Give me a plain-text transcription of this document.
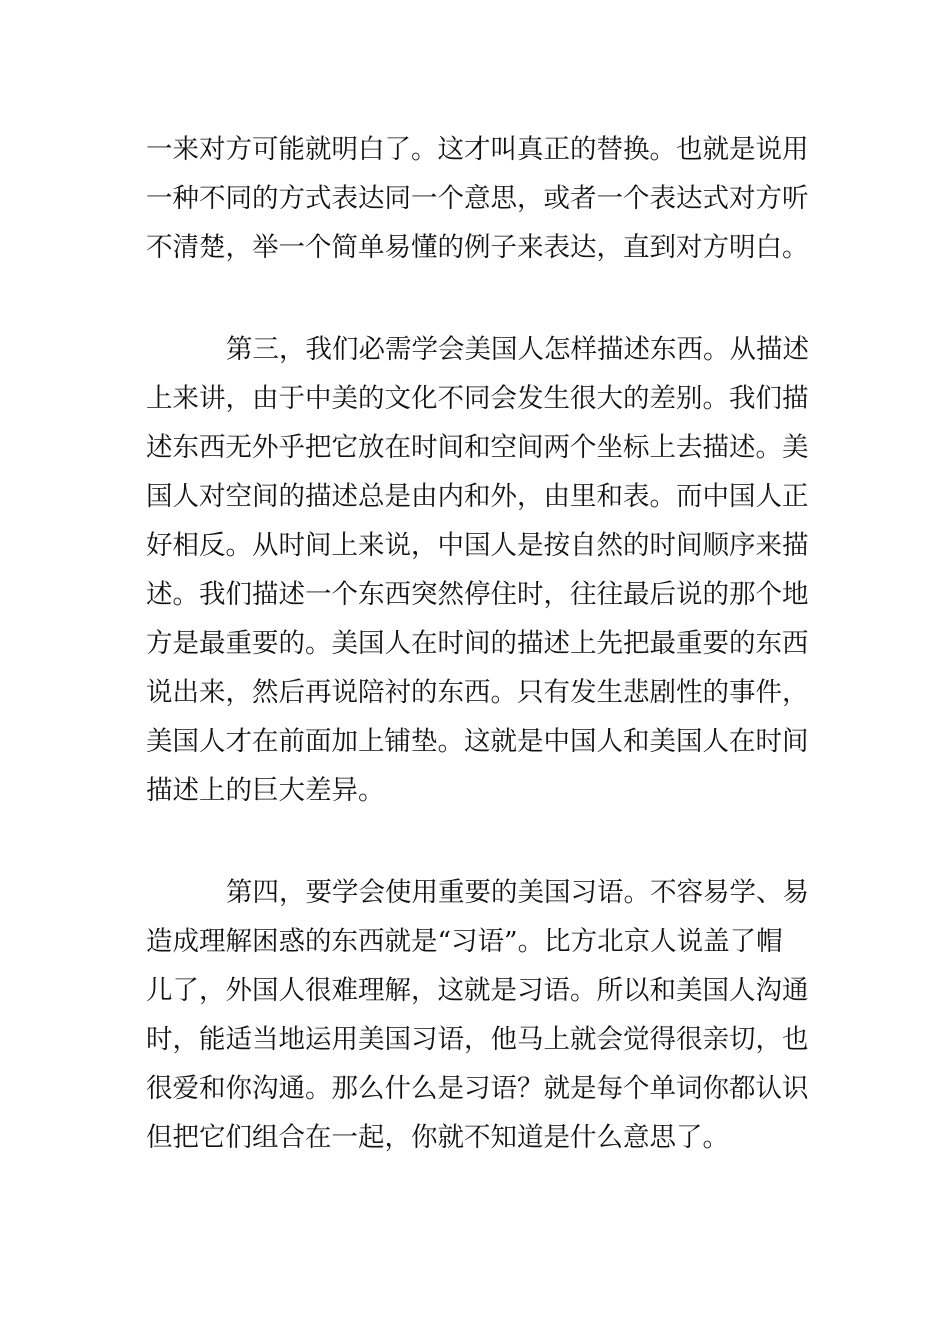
一来对方可能就明白了。这才叫真正的替换。也就是说用
一种不同的方式表达同一个意思，或者一个表达式对方听
不清楚，举一个简单易懂的例子来表达，直到对方明白。
第三，我们必需学会美国人怎样描述东西。从描述
上来讲，由于中美的文化不同会发生很大的差别。我们描
述东西无外乎把它放在时间和空间两个坐标上去描述。美
国人对空间的描述总是由内和外，由里和表。而中国人正
好相反。从时间上来说，中国人是按自然的时间顺序来描
述。我们描述一个东西突然停住时，往往最后说的那个地
方是最重要的。美国人在时间的描述上先把最重要的东西
说出来，然后再说陪衬的东西。只有发生悲剧性的事件，
美国人才在前面加上铺垫。这就是中国人和美国人在时间
描述上的巨大差异。
第四，要学会使用重要的美国习语。不容易学、易
造成理解困惑的东西就是“习语”。比方北京人说盖了帽
儿了，外国人很难理解，这就是习语。所以和美国人沟通
时，能适当地运用美国习语，他马上就会觉得很亲切，也
很爱和你沟通。那么什么是习语？就是每个单词你都认识
但把它们组合在一起，你就不知道是什么意思了。
